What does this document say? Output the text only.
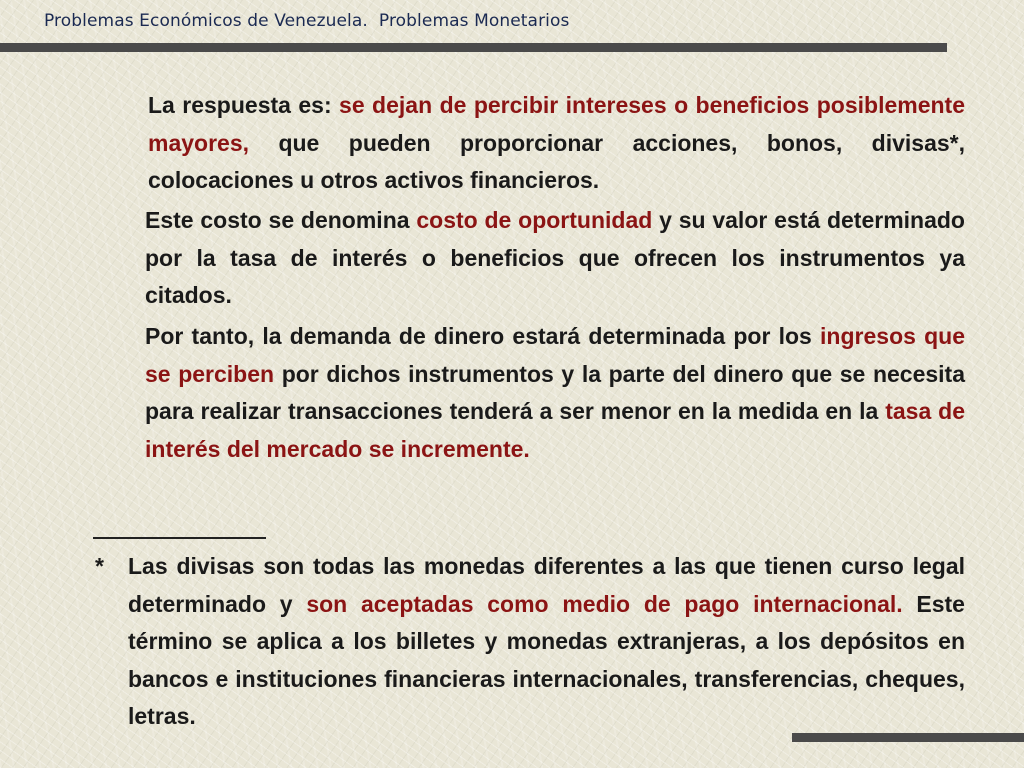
Problemas Económicos de Venezuela.  Problemas Monetarios

La respuesta es: se dejan de percibir intereses o beneficios posiblemente mayores, que pueden proporcionar acciones, bonos, divisas*, colocaciones u otros activos financieros.

Este costo se denomina costo de oportunidad y su valor está determinado por la tasa de interés o beneficios que ofrecen los instrumentos ya citados.

Por tanto, la demanda de dinero estará determinada por los ingresos que se perciben por dichos instrumentos y la parte del dinero que se necesita para realizar transacciones tenderá a ser menor en la medida en la tasa de interés del mercado se incremente.

* Las divisas son todas las monedas diferentes a las que tienen curso legal determinado y son aceptadas como medio de pago internacional. Este término se aplica a los billetes y monedas extranjeras, a los depósitos en bancos e instituciones financieras internacionales, transferencias, cheques, letras.
